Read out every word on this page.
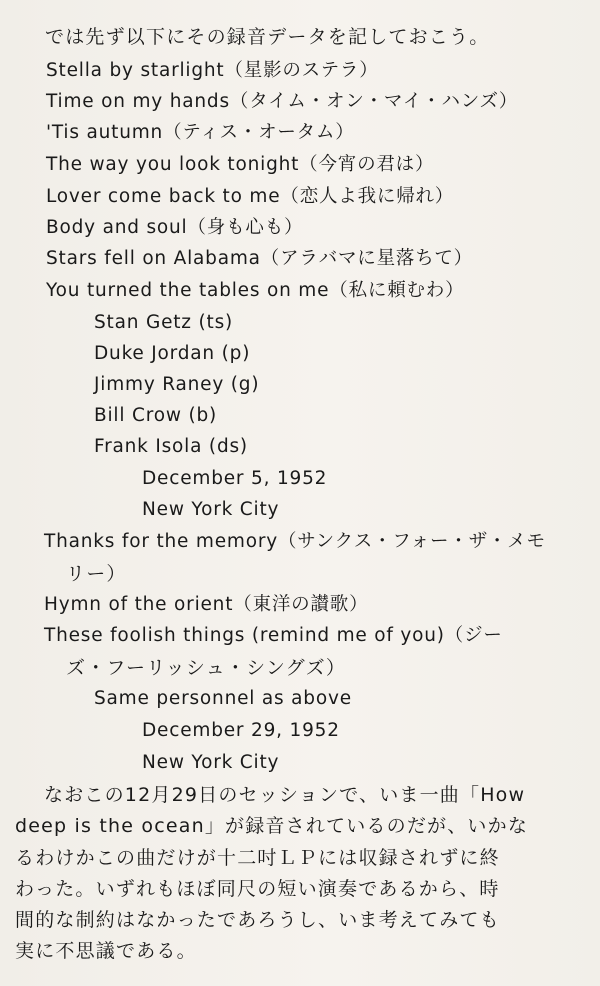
では先ず以下にその録音データを記しておこう。
Stella by starlight（星影のステラ）
Time on my hands（タイム・オン・マイ・ハンズ）
'Tis autumn（ティス・オータム）
The way you look tonight（今宵の君は）
Lover come back to me（恋人よ我に帰れ）
Body and soul（身も心も）
Stars fell on Alabama（アラバマに星落ちて）
You turned the tables on me（私に頼むわ）
Stan Getz (ts)
Duke Jordan (p)
Jimmy Raney (g)
Bill Crow (b)
Frank Isola (ds)
December 5, 1952
New York City
Thanks for the memory（サンクス・フォー・ザ・メモ
リー）
Hymn of the orient（東洋の讃歌）
These foolish things (remind me of you)（ジー
ズ・フーリッシュ・シングズ）
Same personnel as above
December 29, 1952
New York City
なおこの12月29日のセッションで、いま一曲「How
deep is the ocean」が録音されているのだが、いかな
るわけかこの曲だけが十二吋ＬＰには収録されずに終
わった。いずれもほぼ同尺の短い演奏であるから、時
間的な制約はなかったであろうし、いま考えてみても
実に不思議である。
